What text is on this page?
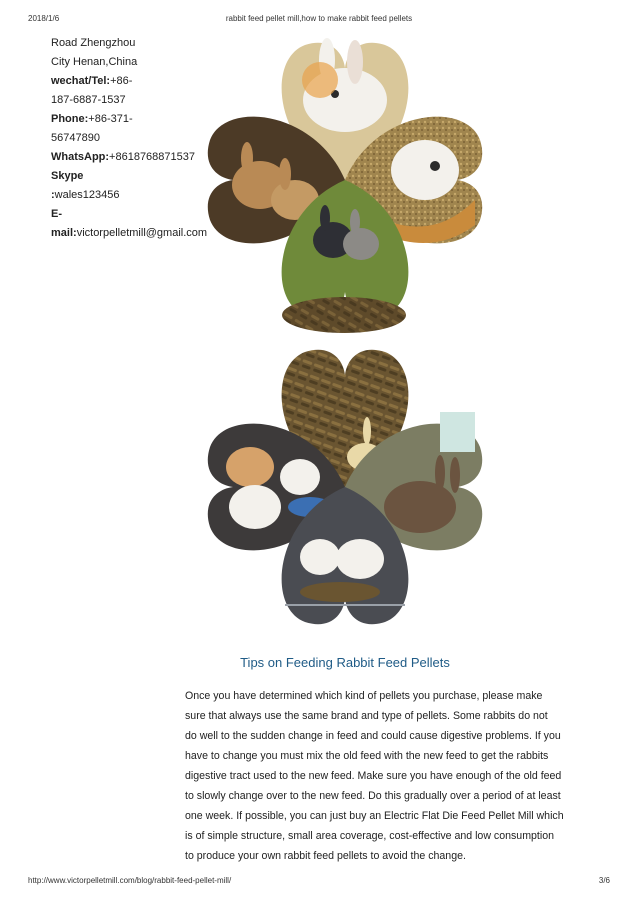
2018/1/6	rabbit feed pellet mill,how to make rabbit feed pellets
Road Zhengzhou
City Henan,China
wechat/Tel:+86-
187-6887-1537
Phone:+86-371-
56747890
WhatsApp:+8618768871537
Skype
:wales123456
E-
mail:victorpelletmill@gmail.com
Tips on Feeding Rabbit Feed Pellets
Once you have determined which kind of pellets you purchase, please make
sure that always use the same brand and type of pellets. Some rabbits do not
do well to the sudden change in feed and could cause digestive problems. If you
have to change you must mix the old feed with the new feed to get the rabbits
digestive tract used to the new feed. Make sure you have enough of the old feed
to slowly change over to the new feed. Do this gradually over a period of at least
one week. If possible, you can just buy an Electric Flat Die Feed Pellet Mill which
is of simple structure, small area coverage, cost-effective and low consumption
to produce your own rabbit feed pellets to avoid the change.
http://www.victorpelletmill.com/blog/rabbit-feed-pellet-mill/	3/6
